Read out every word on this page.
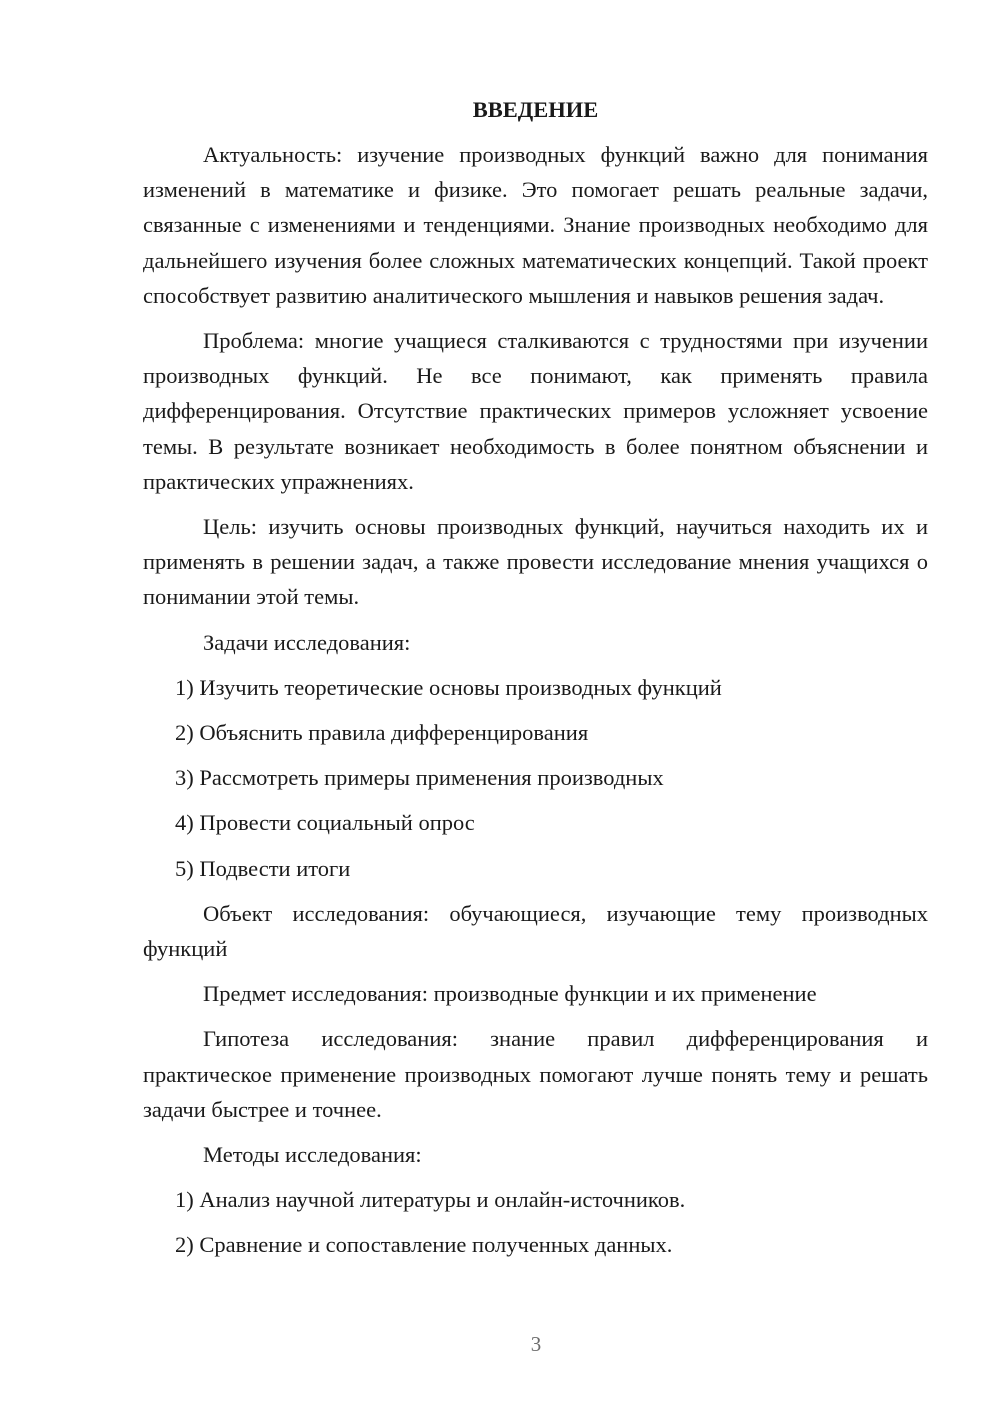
ВВЕДЕНИЕ
Актуальность: изучение производных функций важно для понимания изменений в математике и физике. Это помогает решать реальные задачи, связанные с изменениями и тенденциями. Знание производных необходимо для дальнейшего изучения более сложных математических концепций. Такой проект способствует развитию аналитического мышления и навыков решения задач.
Проблема: многие учащиеся сталкиваются с трудностями при изучении производных функций. Не все понимают, как применять правила дифференцирования. Отсутствие практических примеров усложняет усвоение темы. В результате возникает необходимость в более понятном объяснении и практических упражнениях.
Цель: изучить основы производных функций, научиться находить их и применять в решении задач, а также провести исследование мнения учащихся о понимании этой темы.
Задачи исследования:
1) Изучить теоретические основы производных функций
2) Объяснить правила дифференцирования
3) Рассмотреть примеры применения производных
4) Провести социальный опрос
5) Подвести итоги
Объект исследования: обучающиеся, изучающие тему производных функций
Предмет исследования: производные функции и их применение
Гипотеза исследования: знание правил дифференцирования и практическое применение производных помогают лучше понять тему и решать задачи быстрее и точнее.
Методы исследования:
1) Анализ научной литературы и онлайн-источников.
2) Сравнение и сопоставление полученных данных.
3
